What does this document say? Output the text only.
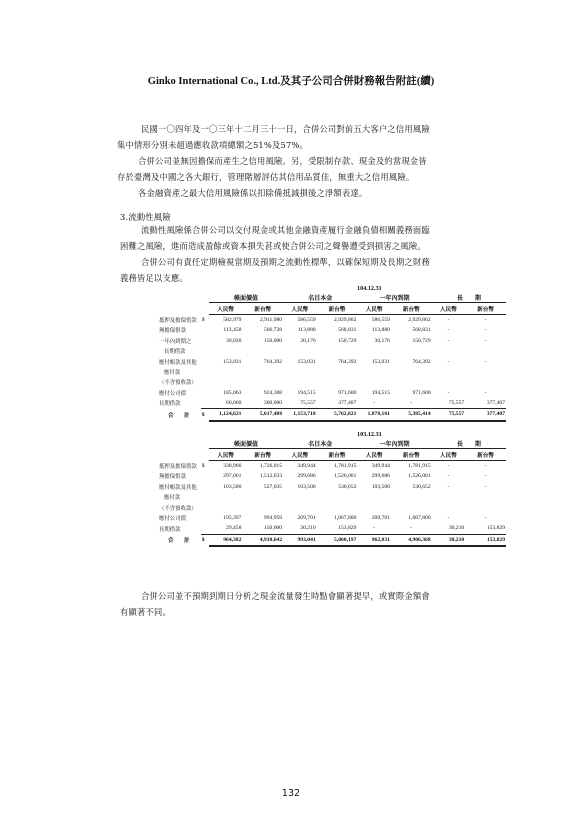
Ginko International Co., Ltd.及其子公司合併財務報告附註(續)
民國一〇四年及一〇三年十二月三十一日，合併公司對前五大客户之信用風險
集中情形分別未超過應收款項總額之51%及57%。
合併公司並無因擔保而產生之信用風險。另，受限制存款、現金及約當現金皆
存於臺灣及中國之各大銀行，管理階層評估其信用品質佳，無重大之信用風險。
各金融資產之最大信用風險係以扣除備抵減損後之淨額表達。
3.流動性風險
流動性風險係合併公司以交付現金或其他金融資產履行金融負債相關義務面臨
困難之風險，進而造成盈餘或資本損失甚或使合併公司之聲譽遭受到損害之風險。
合併公司有責任定期檢視當期及預期之流動性標準，以確保短期及長期之財務
義務皆足以支應。
104.12.31
		帳面價值		名目本金		一年內到期		長　　期	
		人民幣	新台幣	人民幣	新台幣	人民幣	新台幣	人民幣	新台幣
抵押及擔保借款	$	582,979	2,911,980	586,559	2,929,862	586,559	2,929,862	-	-
無擔保借款		113,458	566,728	113,880	568,831	113,880	568,831	-	-
一年內到期之		30,030	150,000	30,176	150,729	30,176	150,729	-	-
長期借款									
應付帳款及其他		153,031	764,392	153,031	764,392	153,031	764,392	-	-
應付款									
（不含預收款）									
應付公司債		185,063	924,388	194,515	971,600	194,515	971,600	-	-
長期借款		60,060	300,000	75,557	377,407	-	-	75,557	377,407
合　　計	$	1,124,621	5,617,488	1,153,718	5,762,821	1,078,161	5,385,414	75,557	377,407
103.12.31
		帳面價值		名目本金		一年內到期		長　　期	
		人民幣	新台幣	人民幣	新台幣	人民幣	新台幣	人民幣	新台幣
抵押及擔保借款	$	338,966	1,726,015	349,944	1,781,915	349,944	1,781,915	-	-
無擔保借款		297,061	1,512,633	299,686	1,526,001	299,686	1,526,001	-	-
應付帳款及其他		103,500	527,035	103,500	530,652	103,500	530,652	-	-
應付款									
（不含預收款）									
應付公司債		195,397	994,959	209,701	1,067,800	209,701	1,067,800	-	-
長期借款		29,458	150,000	30,210	153,829	-	-	30,210	153,829
合　　計	$	964,382	4,910,642	993,041	5,060,197	962,831	4,906,368	30,210	153,829
合併公司並不預期到期日分析之現金流量發生時點會顯著提早，或實際金額會
有顯著不同。
132
